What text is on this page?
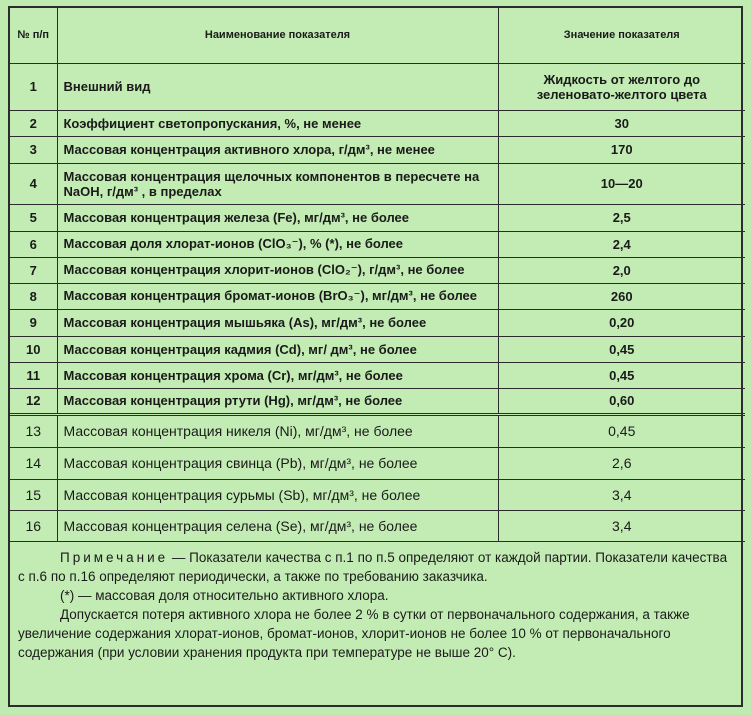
№ п/п	Наименование показателя	Значение показателя
1	Внешний вид	Жидкость от желтого до зеленовато-желтого цвета
2	Коэффициент светопропускания, %, не менее	30
3	Массовая концентрация активного хлора, г/дм³, не менее	170
4	Массовая концентрация щелочных компонентов в пересчете на NaOH, г/дм³ , в пределах	10—20
5	Массовая концентрация железа (Fe), мг/дм³, не более	2,5
6	Массовая доля хлорат-ионов (ClO₃⁻), % (*), не более	2,4
7	Массовая концентрация хлорит-ионов (ClO₂⁻), г/дм³, не более	2,0
8	Массовая концентрация бромат-ионов (BrO₃⁻), мг/дм³, не более	260
9	Массовая концентрация мышьяка (As), мг/дм³, не более	0,20
10	Массовая концентрация кадмия (Cd), мг/ дм³, не более	0,45
11	Массовая концентрация хрома (Cr), мг/дм³, не более	0,45
12	Массовая концентрация ртути (Hg), мг/дм³, не более	0,60
13	Массовая концентрация никеля (Ni), мг/дм³, не более	0,45
14	Массовая концентрация свинца (Pb), мг/дм³, не более	2,6
15	Массовая концентрация сурьмы (Sb), мг/дм³, не более	3,4
16	Массовая концентрация селена (Se), мг/дм³, не более	3,4

Примечание — Показатели качества с п.1 по п.5 определяют от каждой партии. Показатели качества с п.6 по п.16 определяют периодически, а также по требованию заказчика.

(*) — массовая доля относительно активного хлора.

Допускается потеря активного хлора не более 2 % в сутки от первоначального содержания, а также увеличение содержания хлорат-ионов, бромат-ионов, хлорит-ионов не более 10 % от первоначального содержания (при условии хранения продукта при температуре не выше 20° С).
